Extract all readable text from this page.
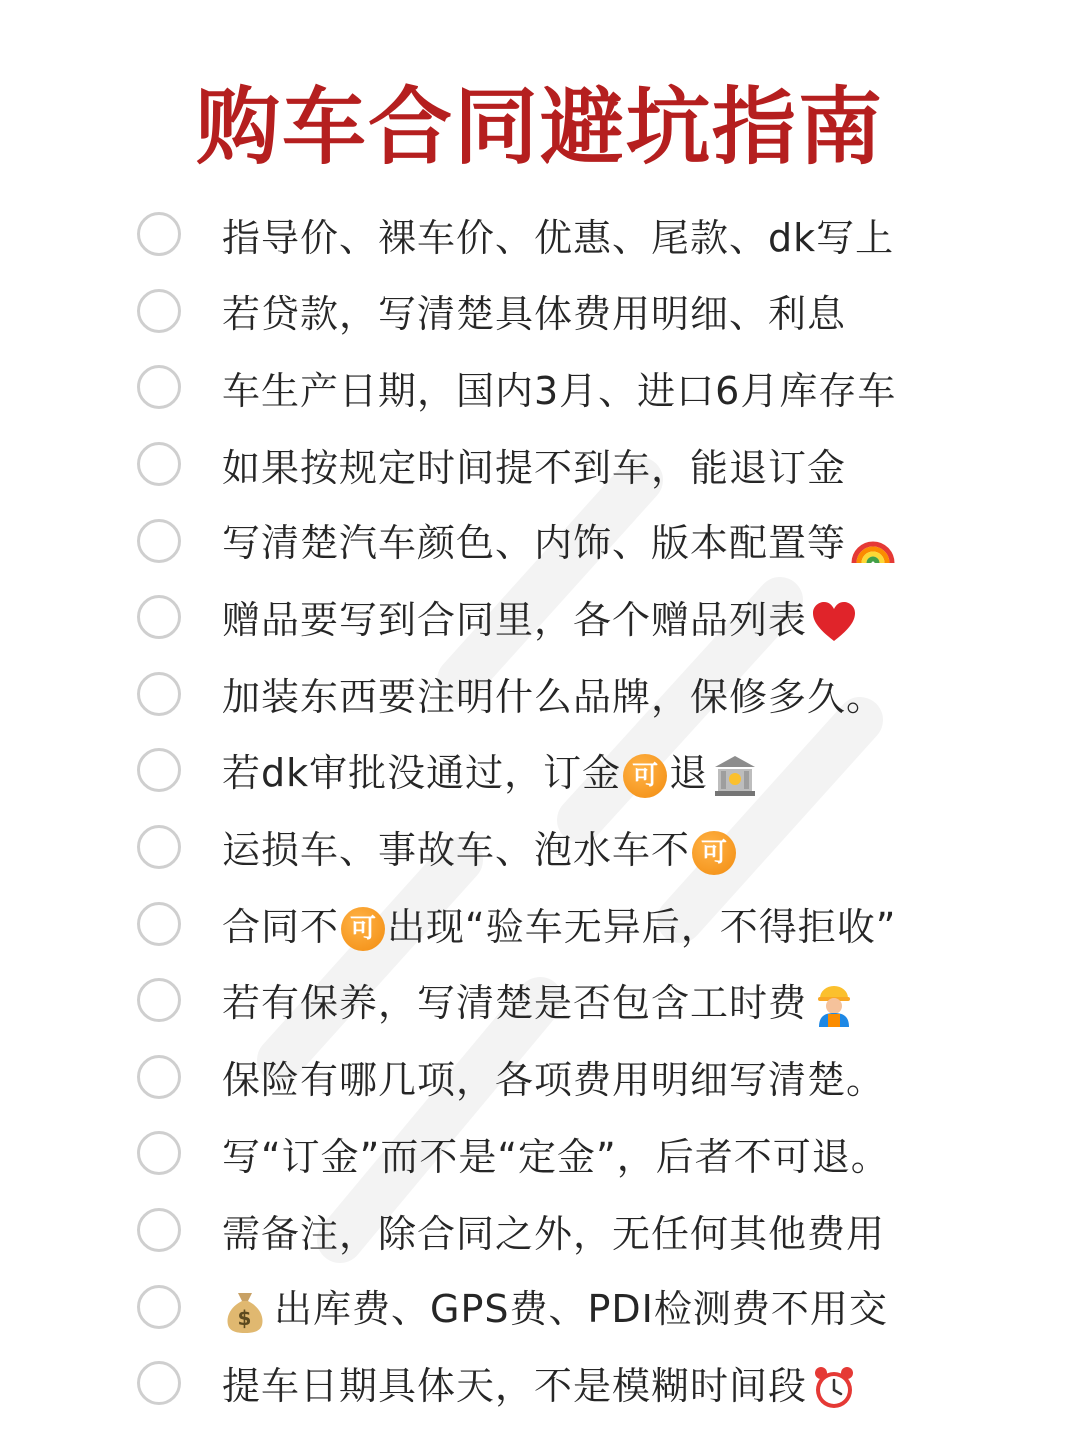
购车合同避坑指南
指导价、裸车价、优惠、尾款、dk写上
若贷款，写清楚具体费用明细、利息
车生产日期，国内3月、进口6月库存车
如果按规定时间提不到车，能退订金
写清楚汽车颜色、内饰、版本配置等
赠品要写到合同里，各个赠品列表
加装东西要注明什么品牌，保修多久。
若dk审批没通过，订金 可 退
运损车、事故车、泡水车不 可
合同不 可 出现“验车无异后，不得拒收”
若有保养，写清楚是否包含工时费
保险有哪几项，各项费用明细写清楚。
写“订金”而不是“定金”，后者不可退。
需备注，除合同之外，无任何其他费用
$ 出库费、GPS费、PDI检测费不用交
提车日期具体天，不是模糊时间段
